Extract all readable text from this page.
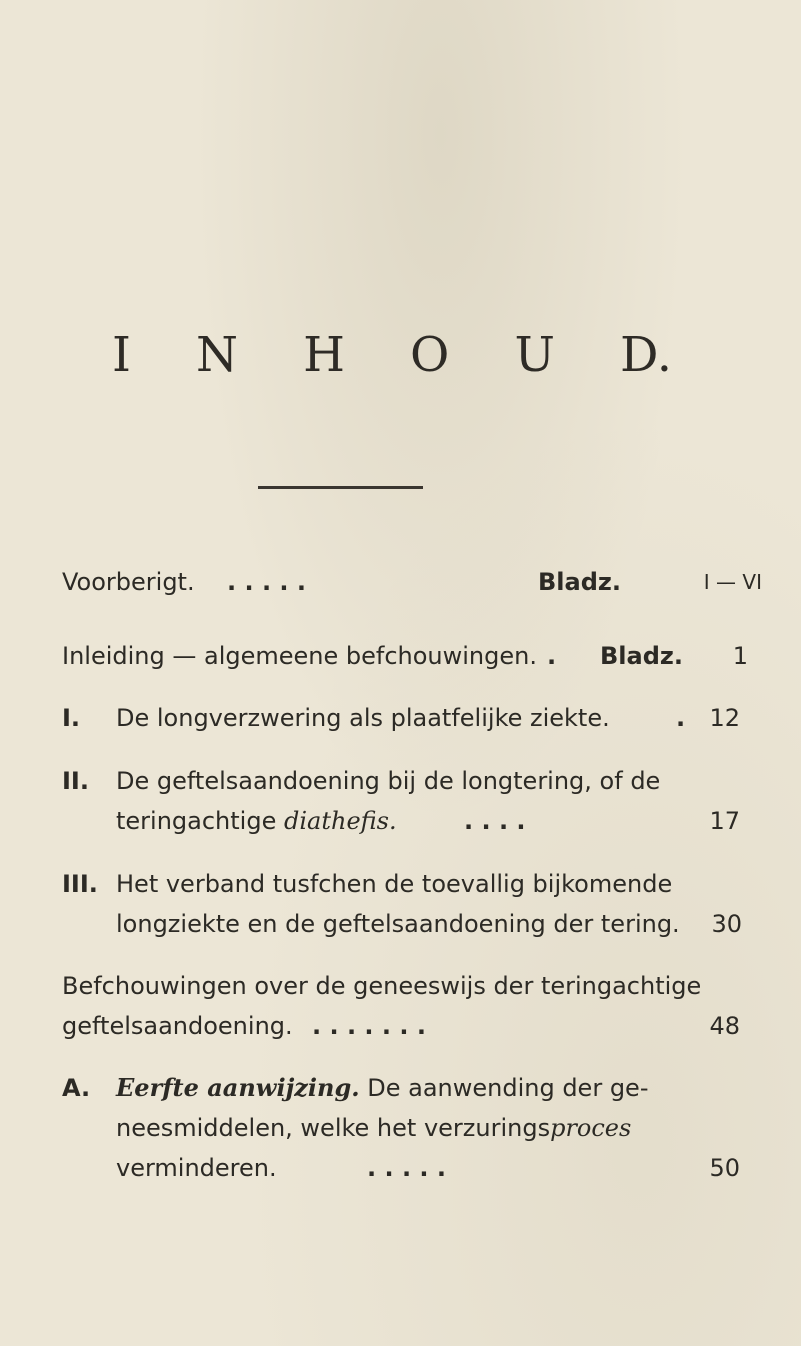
I N H O U D.
Voorberigt. . . . . .	Bladz.	I — VI
Inleiding — algemeene befchouwingen. . Bladz. 1
I. De longverzwering als plaatfelijke ziekte.	. 12
II. De geftelsaandoening bij de longtering, of de
teringachtige diathefis.	. . . .	17
III. Het verband tusfchen de toevallig bijkomende
longziekte en de geftelsaandoening der tering. 30
Befchouwingen over de geneeswijs der teringachtige
geftelsaandoening. . . . . . . .	48
A. Eerfte aanwijzing. De aanwending der ge-
neesmiddelen, welke het verzuringsproces
verminderen.	. . . . .	50
